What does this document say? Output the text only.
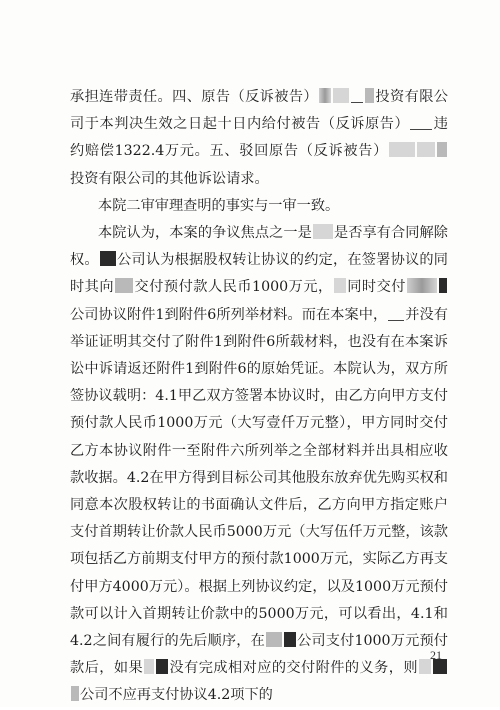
承担连带责任。四、原告（反诉被告）	投资有限公司于本判决生效之日起十日内给付被告（反诉原告） 违约赔偿1322.4万元。五、驳回原告（反诉被告）投资有限公司的其他诉讼请求。

本院二审审理查明的事实与一审一致。

本院认为，本案的争议焦点之一是 是否享有合同解除权。 公司认为根据股权转让协议的约定，在签署协议的同时其向 交付预付款人民币1000万元， 同时交付公司协议附件1到附件6所列举材料。而在本案中， 并没有举证证明其交付了附件1到附件6所载材料，也没有在本案诉讼中诉请返还附件1到附件6的原始凭证。本院认为，双方所签协议载明：4.1甲乙双方签署本协议时，由乙方向甲方支付预付款人民币1000万元（大写壹仟万元整），甲方同时交付乙方本协议附件一至附件六所列举之全部材料并出具相应收款收据。4.2在甲方得到目标公司其他股东放弃优先购买权和同意本次股权转让的书面确认文件后，乙方向甲方指定账户支付首期转让价款人民币5000万元（大写伍仟万元整，该款项包括乙方前期支付甲方的预付款1000万元，实际乙方再支付甲方4000万元）。根据上列协议约定，以及1000万元预付款可以计入首期转让价款中的5000万元，可以看出，4.1和4.2之间有履行的先后顺序，在 公司支付1000万元预付款后，如果 没有完成相对应的交付附件的义务，则公司不应再支付协议4.2项下的

21
